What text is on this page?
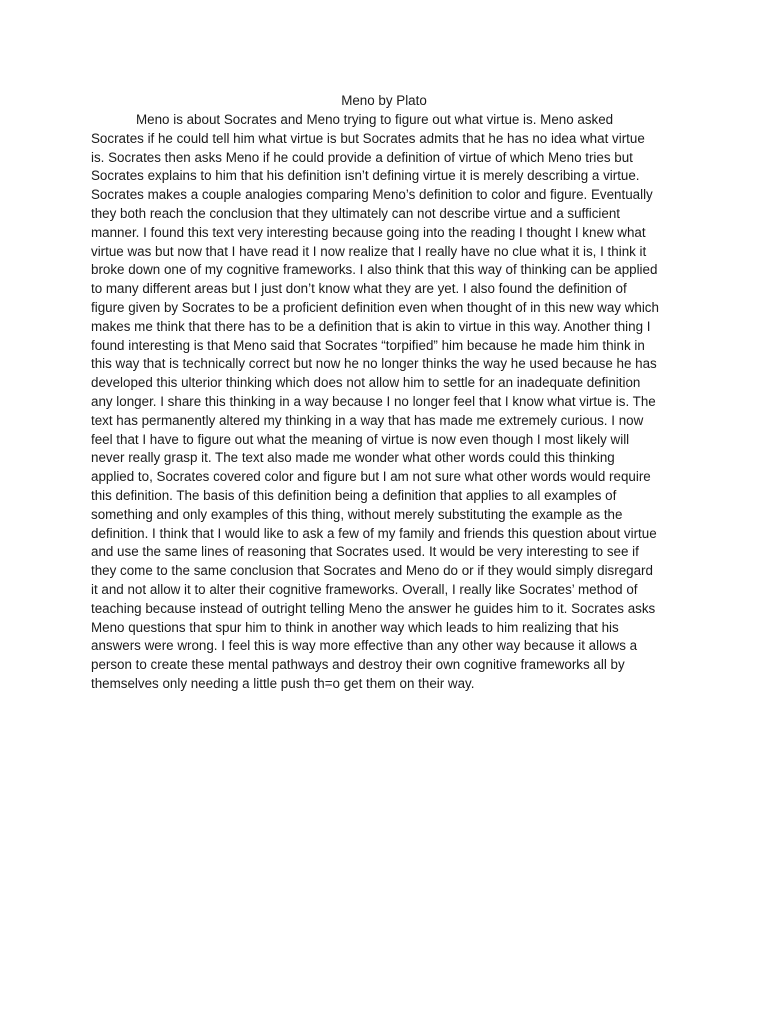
Meno by Plato
Meno is about Socrates and Meno trying to figure out what virtue is. Meno asked
Socrates if he could tell him what virtue is but Socrates admits that he has no idea what virtue
is. Socrates then asks Meno if he could provide a definition of virtue of which Meno tries but
Socrates explains to him that his definition isn’t defining virtue it is merely describing a virtue.
Socrates makes a couple analogies comparing Meno’s definition to color and figure. Eventually
they both reach the conclusion that they ultimately can not describe virtue and a sufficient
manner. I found this text very interesting because going into the reading I thought I knew what
virtue was but now that I have read it I now realize that I really have no clue what it is, I think it
broke down one of my cognitive frameworks. I also think that this way of thinking can be applied
to many different areas but I just don’t know what they are yet. I also found the definition of
figure given by Socrates to be a proficient definition even when thought of in this new way which
makes me think that there has to be a definition that is akin to virtue in this way. Another thing I
found interesting is that Meno said that Socrates “torpified” him because he made him think in
this way that is technically correct but now he no longer thinks the way he used because he has
developed this ulterior thinking which does not allow him to settle for an inadequate definition
any longer. I share this thinking in a way because I no longer feel that I know what virtue is. The
text has permanently altered my thinking in a way that has made me extremely curious. I now
feel that I have to figure out what the meaning of virtue is now even though I most likely will
never really grasp it. The text also made me wonder what other words could this thinking
applied to, Socrates covered color and figure but I am not sure what other words would require
this definition. The basis of this definition being a definition that applies to all examples of
something and only examples of this thing, without merely substituting the example as the
definition. I think that I would like to ask a few of my family and friends this question about virtue
and use the same lines of reasoning that Socrates used. It would be very interesting to see if
they come to the same conclusion that Socrates and Meno do or if they would simply disregard
it and not allow it to alter their cognitive frameworks. Overall, I really like Socrates’ method of
teaching because instead of outright telling Meno the answer he guides him to it. Socrates asks
Meno questions that spur him to think in another way which leads to him realizing that his
answers were wrong. I feel this is way more effective than any other way because it allows a
person to create these mental pathways and destroy their own cognitive frameworks all by
themselves only needing a little push th=o get them on their way.
